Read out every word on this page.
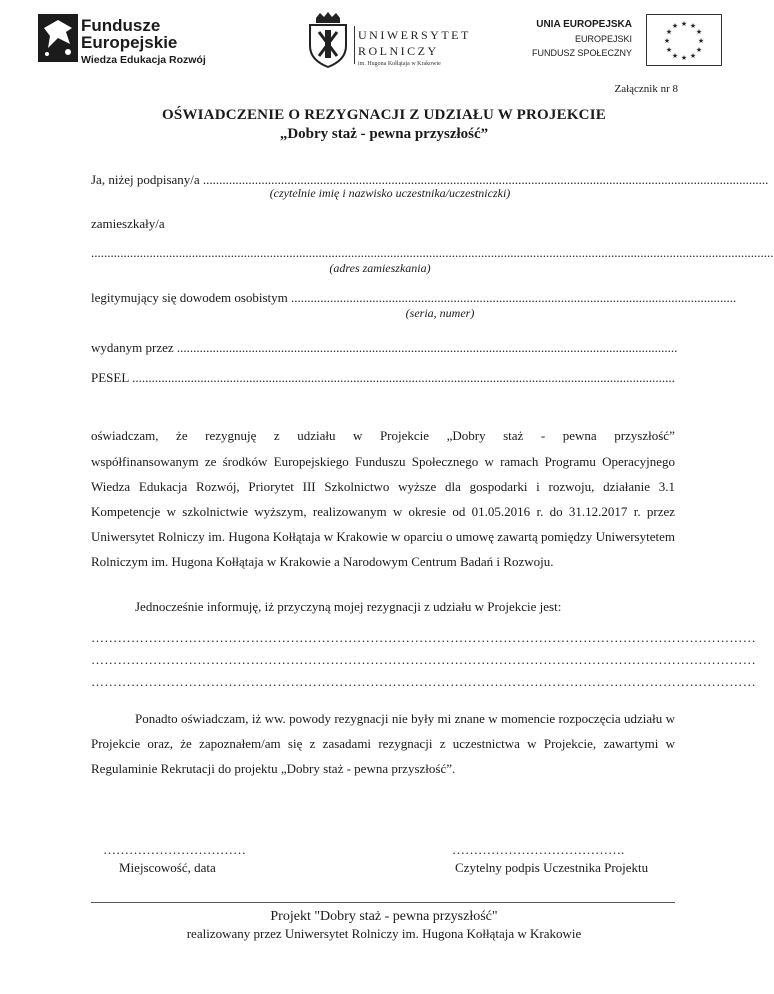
Fundusze
Europejskie
Wiedza Edukacja Rozwój
UNIWERSYTET
ROLNICZY
im. Hugona Kołłątaja w Krakowie
UNIA EUROPEJSKA
EUROPEJSKI
FUNDUSZ SPOŁECZNY
★ ★
★
★
★
★
★
★
★
★
★
★
Załącznik nr 8
OŚWIADCZENIE O REZYGNACJI Z UDZIAŁU W PROJEKCIE
„Dobry staż - pewna przyszłość”
Ja, niżej podpisany/a ..............................................................................................................................................................................
(czytelnie imię i nazwisko uczestnika/uczestniczki)
zamieszkały/a
..................................................................................................................................................................................................................
(adres zamieszkania)
legitymujący się dowodem osobistym .........................................................................................................................................
(seria, numer)
wydanym przez ..........................................................................................................................................................
PESEL .......................................................................................................................................................................
oświadczam, że rezygnuję z udziału w Projekcie „Dobry staż - pewna przyszłość”
współfinansowanym ze środków Europejskiego Funduszu Społecznego w ramach Programu Operacyjnego Wiedza Edukacja Rozwój, Priorytet III Szkolnictwo wyższe dla gospodarki i rozwoju, działanie 3.1 Kompetencje w szkolnictwie wyższym, realizowanym w okresie od 01.05.2016 r. do 31.12.2017 r. przez Uniwersytet Rolniczy im. Hugona Kołłątaja w Krakowie w oparciu o umowę zawartą pomiędzy Uniwersytetem Rolniczym im. Hugona Kołłątaja w Krakowie a Narodowym Centrum Badań i Rozwoju.
Jednocześnie informuję, iż przyczyną mojej rezygnacji z udziału w Projekcie jest:
……………………………………………………………………………………………………………………………………
……………………………………………………………………………………………………………………………………
……………………………………………………………………………………………………………………………………
Ponadto oświadczam, iż ww. powody rezygnacji nie były mi znane w momencie rozpoczęcia udziału w Projekcie oraz, że zapoznałem/am się z zasadami rezygnacji z uczestnictwa w Projekcie, zawartymi w Regulaminie Rekrutacji do projektu „Dobry staż - pewna przyszłość”.
……………………………
Miejscowość, data
………………………………….
Czytelny podpis Uczestnika Projektu
Projekt "Dobry staż - pewna przyszłość"
realizowany przez Uniwersytet Rolniczy im. Hugona Kołłątaja w Krakowie
